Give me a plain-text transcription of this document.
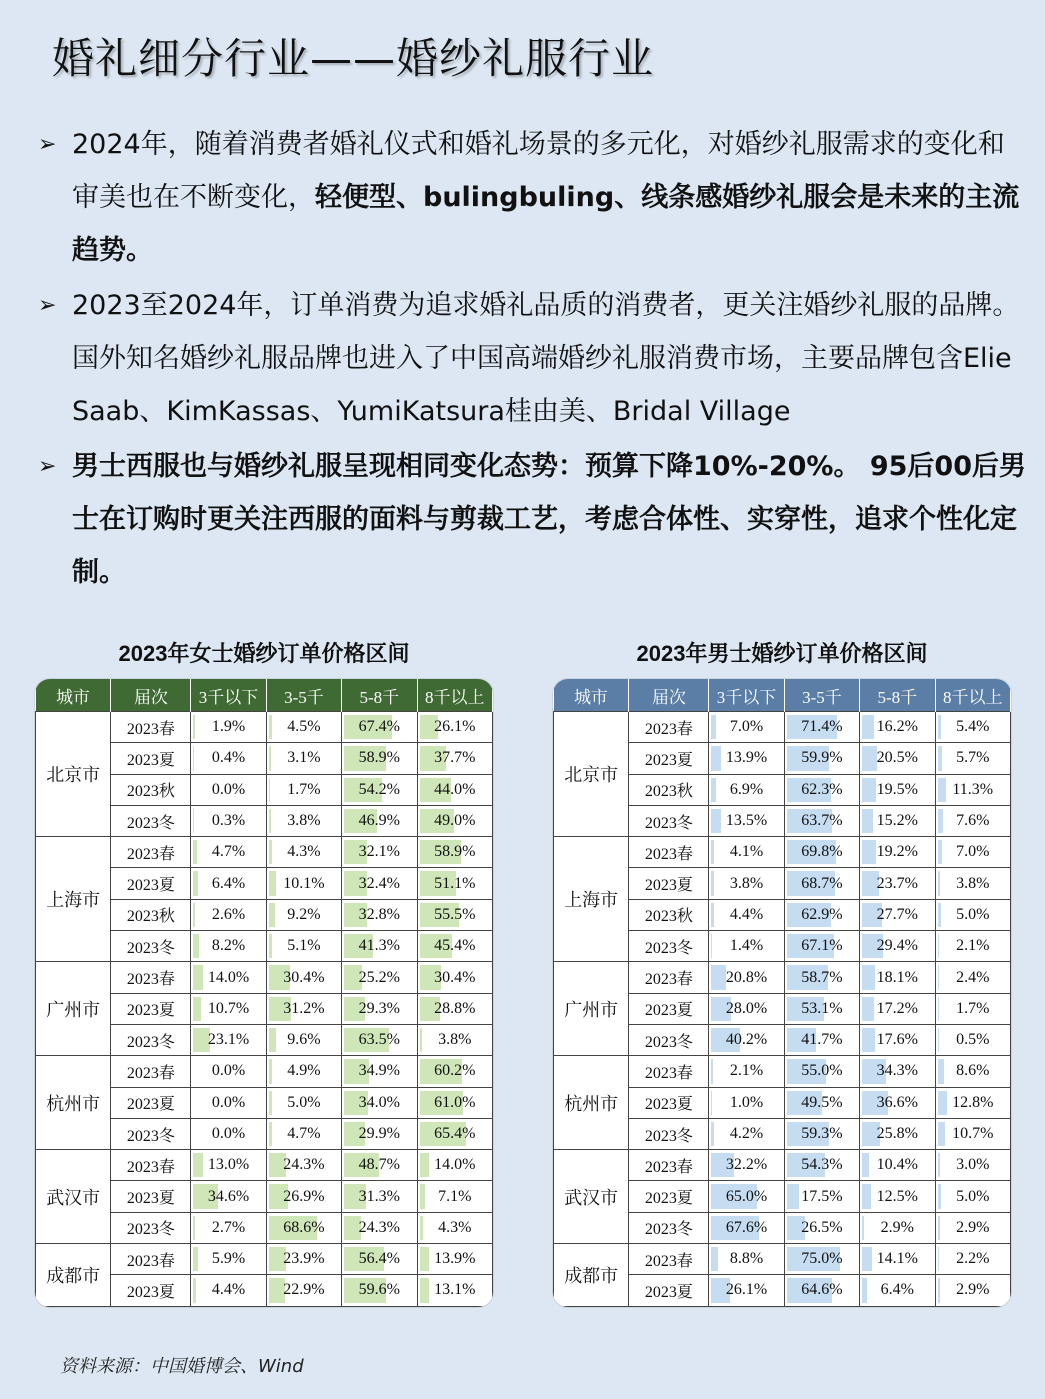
婚礼细分行业——婚纱礼服行业
➢ 2024年，随着消费者婚礼仪式和婚礼场景的多元化，对婚纱礼服需求的变化和审美也在不断变化，轻便型、bulingbuling、线条感婚纱礼服会是未来的主流趋势。
➢ 2023至2024年，订单消费为追求婚礼品质的消费者，更关注婚纱礼服的品牌。国外知名婚纱礼服品牌也进入了中国高端婚纱礼服消费市场，主要品牌包含Elie Saab、KimKassas、YumiKatsura桂由美、Bridal Village
➢ 男士西服也与婚纱礼服呈现相同变化态势：预算下降10%-20%。 95后00后男士在订购时更关注西服的面料与剪裁工艺，考虑合体性、实穿性，追求个性化定制。
2023年女士婚纱订单价格区间
城市	届次	3千以下	3-5千	5-8千	8千以上
北京市	2023春	1.9%	4.5%	67.4%	26.1%
	2023夏	0.4%	3.1%	58.9%	37.7%
	2023秋	0.0%	1.7%	54.2%	44.0%
	2023冬	0.3%	3.8%	46.9%	49.0%
上海市	2023春	4.7%	4.3%	32.1%	58.9%
	2023夏	6.4%	10.1%	32.4%	51.1%
	2023秋	2.6%	9.2%	32.8%	55.5%
	2023冬	8.2%	5.1%	41.3%	45.4%
广州市	2023春	14.0%	30.4%	25.2%	30.4%
	2023夏	10.7%	31.2%	29.3%	28.8%
	2023冬	23.1%	9.6%	63.5%	3.8%
杭州市	2023春	0.0%	4.9%	34.9%	60.2%
	2023夏	0.0%	5.0%	34.0%	61.0%
	2023冬	0.0%	4.7%	29.9%	65.4%
武汉市	2023春	13.0%	24.3%	48.7%	14.0%
	2023夏	34.6%	26.9%	31.3%	7.1%
	2023冬	2.7%	68.6%	24.3%	4.3%
成都市	2023春	5.9%	23.9%	56.4%	13.9%
	2023夏	4.4%	22.9%	59.6%	13.1%
2023年男士婚纱订单价格区间
城市	届次	3千以下	3-5千	5-8千	8千以上
北京市	2023春	7.0%	71.4%	16.2%	5.4%
	2023夏	13.9%	59.9%	20.5%	5.7%
	2023秋	6.9%	62.3%	19.5%	11.3%
	2023冬	13.5%	63.7%	15.2%	7.6%
上海市	2023春	4.1%	69.8%	19.2%	7.0%
	2023夏	3.8%	68.7%	23.7%	3.8%
	2023秋	4.4%	62.9%	27.7%	5.0%
	2023冬	1.4%	67.1%	29.4%	2.1%
广州市	2023春	20.8%	58.7%	18.1%	2.4%
	2023夏	28.0%	53.1%	17.2%	1.7%
	2023冬	40.2%	41.7%	17.6%	0.5%
杭州市	2023春	2.1%	55.0%	34.3%	8.6%
	2023夏	1.0%	49.5%	36.6%	12.8%
	2023冬	4.2%	59.3%	25.8%	10.7%
武汉市	2023春	32.2%	54.3%	10.4%	3.0%
	2023夏	65.0%	17.5%	12.5%	5.0%
	2023冬	67.6%	26.5%	2.9%	2.9%
成都市	2023春	8.8%	75.0%	14.1%	2.2%
	2023夏	26.1%	64.6%	6.4%	2.9%
资料来源：中国婚博会、Wind
